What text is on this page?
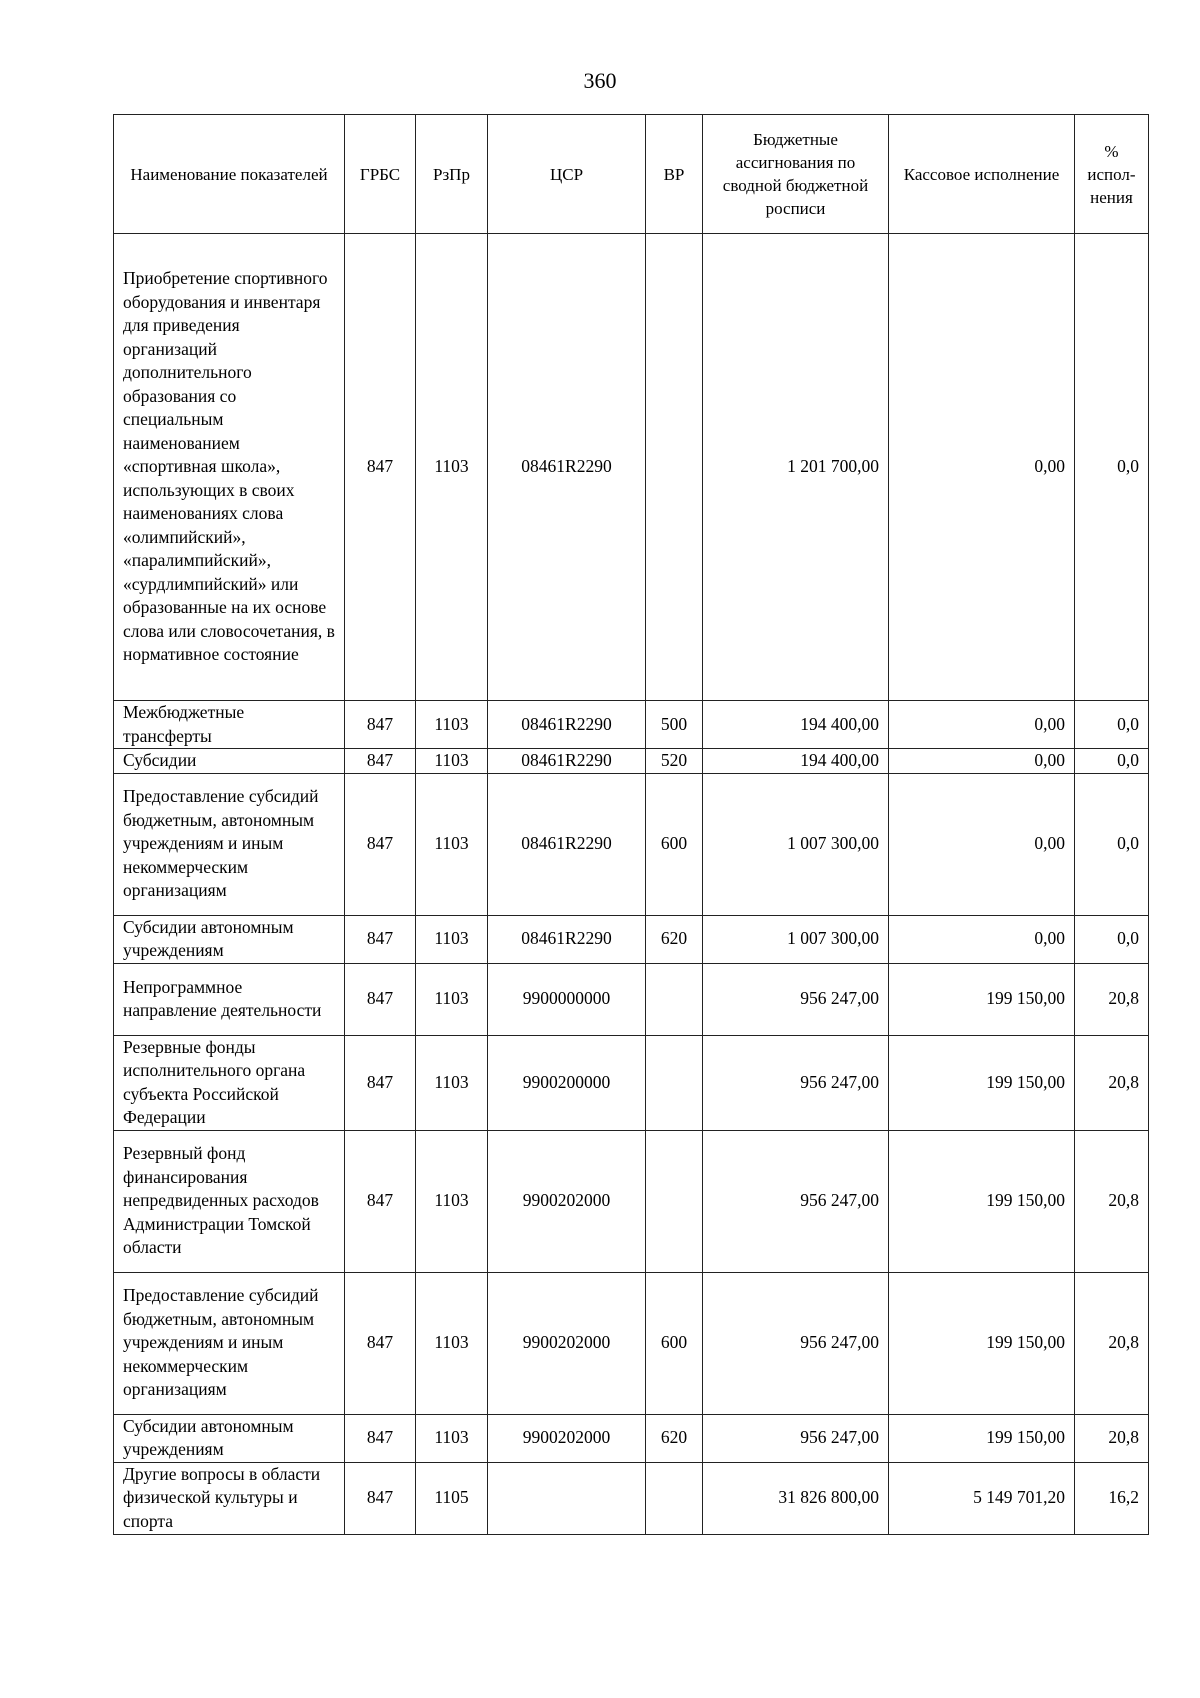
360
Наименование показателей	ГРБС	РзПр	ЦСР	ВР	Бюджетные ассигнования по сводной бюджетной росписи	Кассовое исполнение	% испол-нения
Приобретение спортивного оборудования и инвентаря для приведения организаций дополнительного образования со специальным наименованием «спортивная школа», использующих в своих наименованиях слова «олимпийский», «паралимпийский», «сурдлимпийский» или образованные на их основе слова или словосочетания, в нормативное состояние	847	1103	08461R2290		1 201 700,00	0,00	0,0
Межбюджетные трансферты	847	1103	08461R2290	500	194 400,00	0,00	0,0
Субсидии	847	1103	08461R2290	520	194 400,00	0,00	0,0
Предоставление субсидий бюджетным, автономным учреждениям и иным некоммерческим организациям	847	1103	08461R2290	600	1 007 300,00	0,00	0,0
Субсидии автономным учреждениям	847	1103	08461R2290	620	1 007 300,00	0,00	0,0
Непрограммное направление деятельности	847	1103	9900000000		956 247,00	199 150,00	20,8
Резервные фонды исполнительного органа субъекта Российской Федерации	847	1103	9900200000		956 247,00	199 150,00	20,8
Резервный фонд финансирования непредвиденных расходов Администрации Томской области	847	1103	9900202000		956 247,00	199 150,00	20,8
Предоставление субсидий бюджетным, автономным учреждениям и иным некоммерческим организациям	847	1103	9900202000	600	956 247,00	199 150,00	20,8
Субсидии автономным учреждениям	847	1103	9900202000	620	956 247,00	199 150,00	20,8
Другие вопросы в области физической культуры и спорта	847	1105			31 826 800,00	5 149 701,20	16,2
